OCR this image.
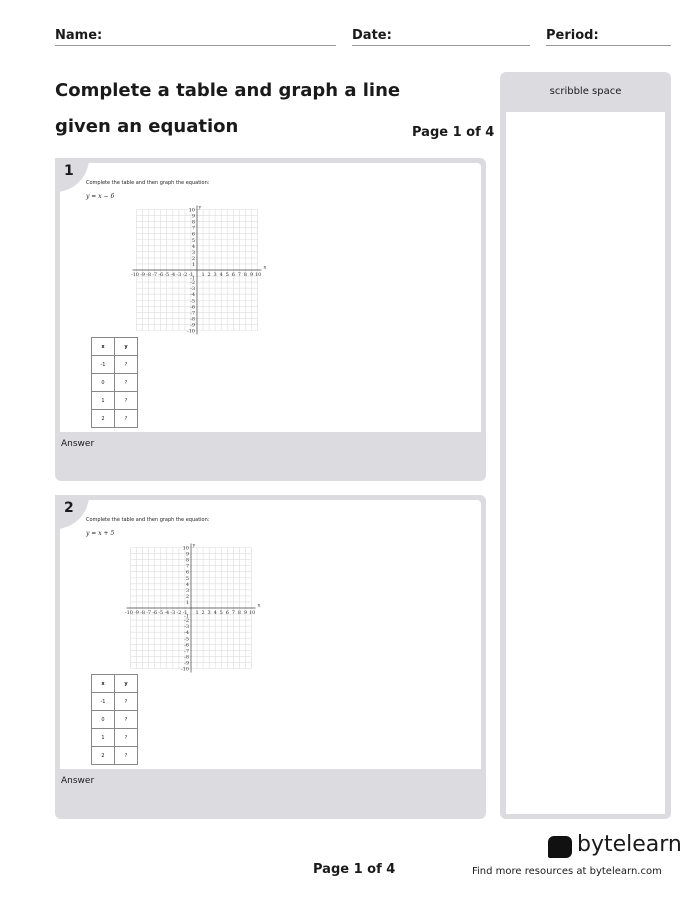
Name:	Date:	Period:
Complete a table and graph a line
given an equation	Page 1 of 4
1
Complete the table and then graph the equation:
y = x − 6
-10
-10
-9
-9
-8
-8
-7
-7
-6
-6
-5
-5
-4
-4
-3
-3
-2
-2
-1
-1
1
1
2
2
3
3
4
4
5
5
6
6
7
7
8
8
9
9
10
10
x
y
x	y
-1	?
0	?
1	?
2	?
Answer
2
Complete the table and then graph the equation:
y = x + 5
-10
-10
-9
-9
-8
-8
-7
-7
-6
-6
-5
-5
-4
-4
-3
-3
-2
-2
-1
-1
1
1
2
2
3
3
4
4
5
5
6
6
7
7
8
8
9
9
10
10
x
y
x	y
-1	?
0	?
1	?
2	?
Answer
scribble space
Page 1 of 4
bytelearn
Find more resources at bytelearn.com
